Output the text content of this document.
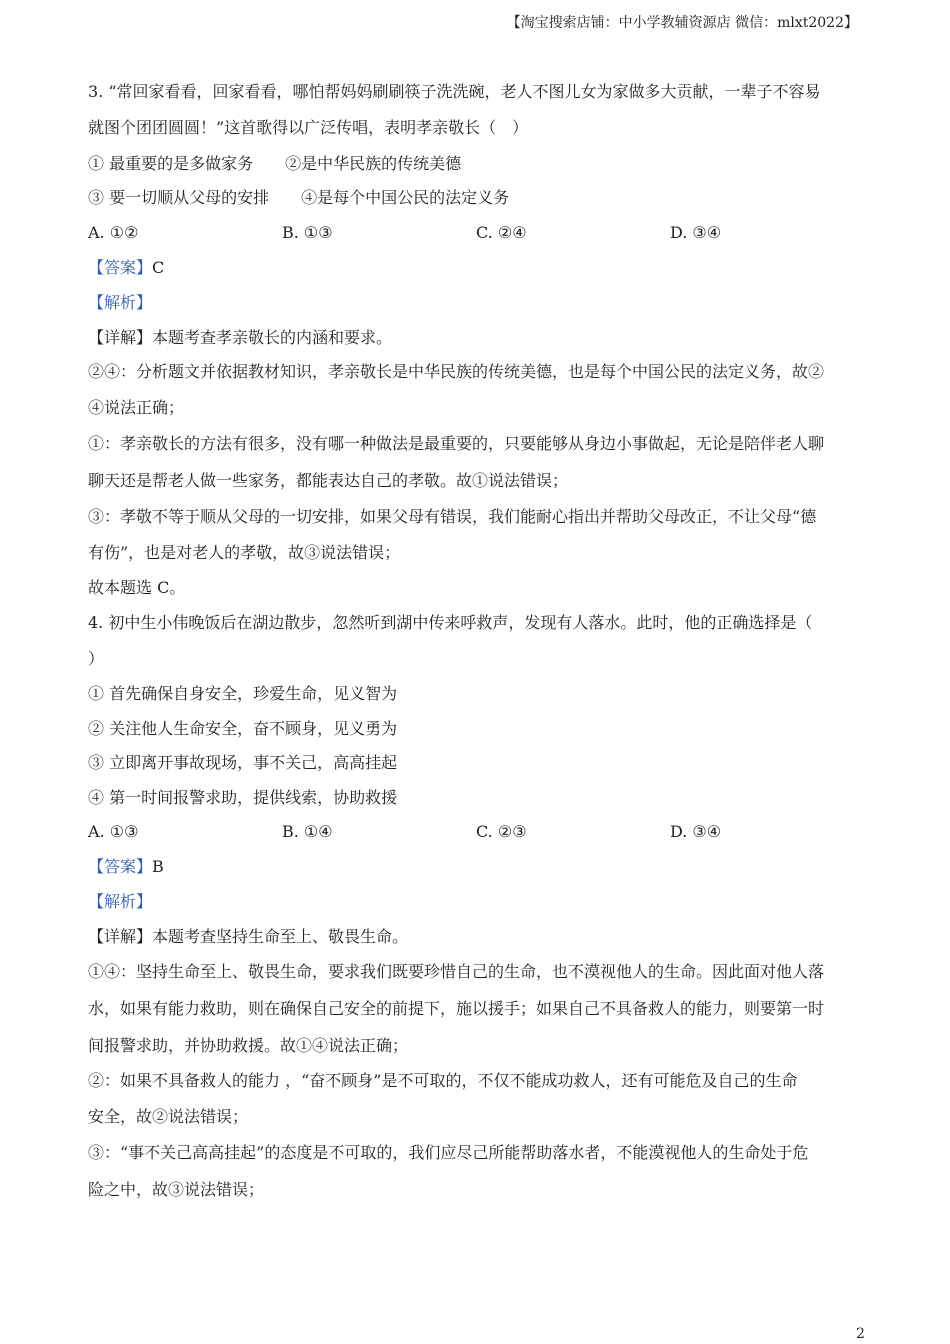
【淘宝搜索店铺：中小学教辅资源店 微信：mlxt2022】
3. “常回家看看，回家看看，哪怕帮妈妈刷刷筷子洗洗碗，老人不图儿女为家做多大贡献，一辈子不容易
就图个团团圆圆！”这首歌得以广泛传唱，表明孝亲敬长（　）
① 最重要的是多做家务　　②是中华民族的传统美德
③ 要一切顺从父母的安排　　④是每个中国公民的法定义务
A. ①②	B. ①③	C. ②④	D. ③④
【答案】C
【解析】
【详解】本题考查孝亲敬长的内涵和要求。
②④：分析题文并依据教材知识，孝亲敬长是中华民族的传统美德，也是每个中国公民的法定义务，故②
④说法正确；
①：孝亲敬长的方法有很多，没有哪一种做法是最重要的，只要能够从身边小事做起，无论是陪伴老人聊
聊天还是帮老人做一些家务，都能表达自己的孝敬。故①说法错误；
③：孝敬不等于顺从父母的一切安排，如果父母有错误，我们能耐心指出并帮助父母改正，不让父母“德
有伤”，也是对老人的孝敬，故③说法错误；
故本题选 C。
4. 初中生小伟晚饭后在湖边散步，忽然听到湖中传来呼救声，发现有人落水。此时，他的正确选择是（
）
① 首先确保自身安全，珍爱生命，见义智为
② 关注他人生命安全，奋不顾身，见义勇为
③ 立即离开事故现场，事不关己，高高挂起
④ 第一时间报警求助，提供线索，协助救援
A. ①③	B. ①④	C. ②③	D. ③④
【答案】B
【解析】
【详解】本题考查坚持生命至上、敬畏生命。
①④：坚持生命至上、敬畏生命，要求我们既要珍惜自己的生命，也不漠视他人的生命。因此面对他人落
水，如果有能力救助，则在确保自己安全的前提下，施以援手；如果自己不具备救人的能力，则要第一时
间报警求助，并协助救援。故①④说法正确；
②：如果不具备救人的能力 ，“奋不顾身”是不可取的，不仅不能成功救人，还有可能危及自己的生命
安全，故②说法错误；
③：“事不关己高高挂起”的态度是不可取的，我们应尽己所能帮助落水者，不能漠视他人的生命处于危
险之中，故③说法错误；
2
